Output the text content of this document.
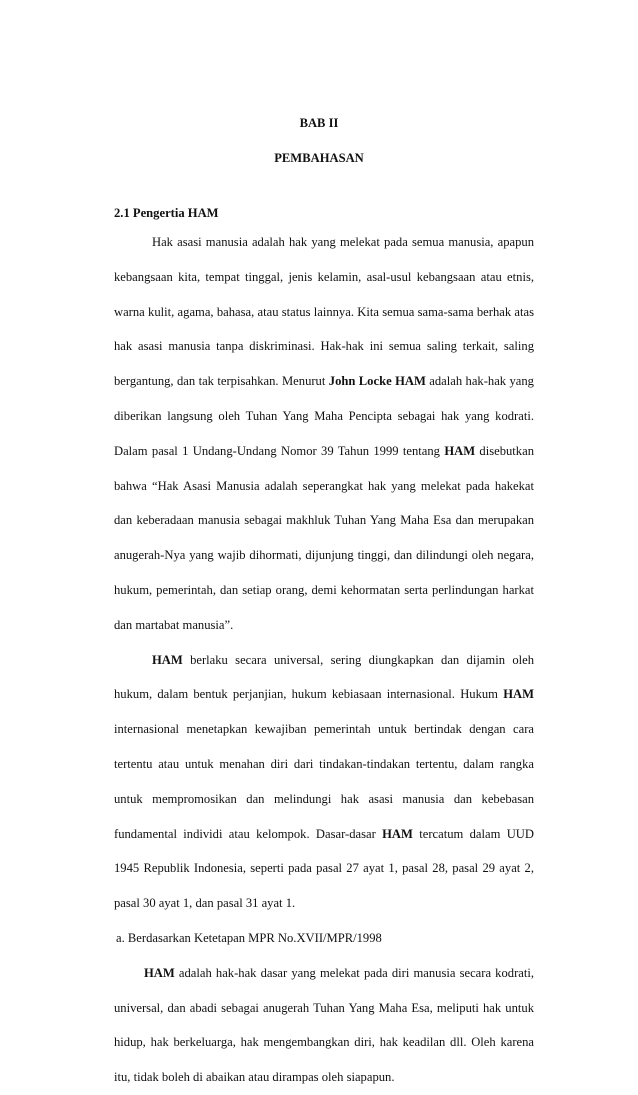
BAB II
PEMBAHASAN
2.1 Pengertia HAM

Hak asasi manusia adalah hak yang melekat pada semua manusia, apapun kebangsaan kita, tempat tinggal, jenis kelamin, asal-usul kebangsaan atau etnis, warna kulit, agama, bahasa, atau status lainnya. Kita semua sama-sama berhak atas hak asasi manusia tanpa diskriminasi. Hak-hak ini semua saling terkait, saling bergantung, dan tak terpisahkan. Menurut John Locke HAM adalah hak-hak yang diberikan langsung oleh Tuhan Yang Maha Pencipta sebagai hak yang kodrati. Dalam pasal 1 Undang-Undang Nomor 39 Tahun 1999 tentang HAM disebutkan bahwa “Hak Asasi Manusia adalah seperangkat hak yang melekat pada hakekat dan keberadaan manusia sebagai makhluk Tuhan Yang Maha Esa dan merupakan anugerah-Nya yang wajib dihormati, dijunjung tinggi, dan dilindungi oleh negara, hukum, pemerintah, dan setiap orang, demi kehormatan serta perlindungan harkat dan martabat manusia”.

HAM berlaku secara universal, sering diungkapkan dan dijamin oleh hukum, dalam bentuk perjanjian, hukum kebiasaan internasional. Hukum HAM internasional menetapkan kewajiban pemerintah untuk bertindak dengan cara tertentu atau untuk menahan diri dari tindakan-tindakan tertentu, dalam rangka untuk mempromosikan dan melindungi hak asasi manusia dan kebebasan fundamental individi atau kelompok. Dasar-dasar HAM tercatum dalam UUD 1945 Republik Indonesia, seperti pada pasal 27 ayat 1, pasal 28, pasal 29 ayat 2, pasal 30 ayat 1, dan pasal 31 ayat 1.

a. Berdasarkan Ketetapan MPR No.XVII/MPR/1998

HAM adalah hak-hak dasar yang melekat pada diri manusia secara kodrati, universal, dan abadi sebagai anugerah Tuhan Yang Maha Esa, meliputi hak untuk hidup, hak berkeluarga, hak mengembangkan diri, hak keadilan dll. Oleh karena itu, tidak boleh di abaikan atau dirampas oleh siapapun.
